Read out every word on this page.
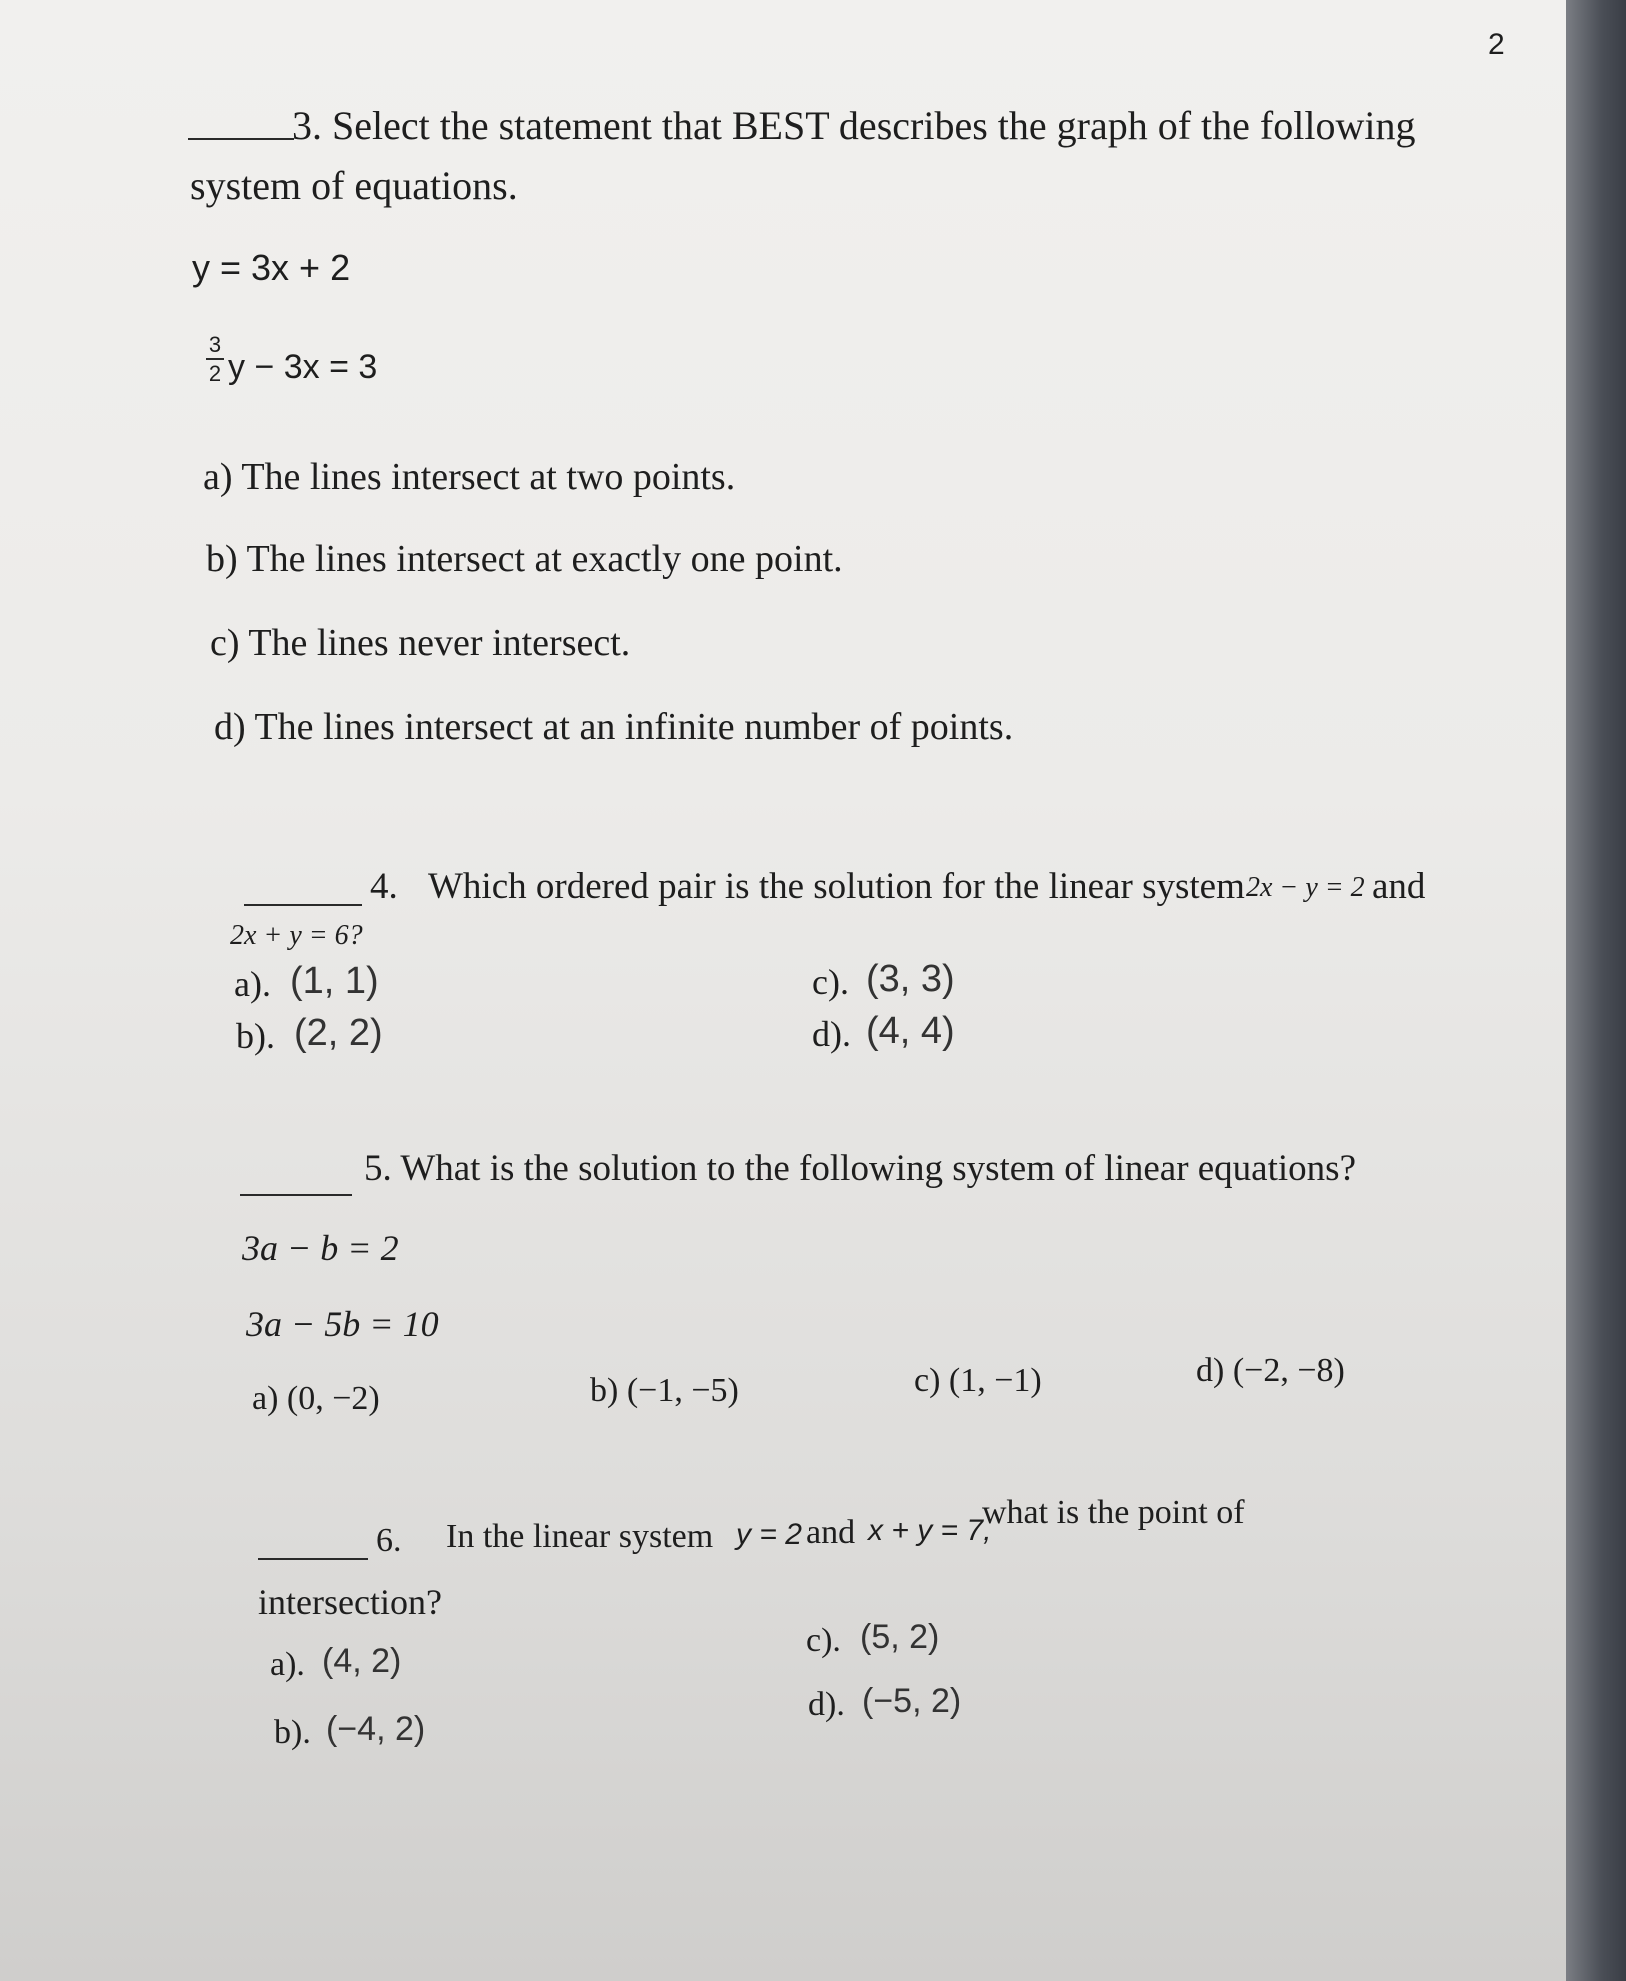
2
3. Select the statement that BEST describes the graph of the following
system of equations.
y = 3x + 2
3
2 y − 3x = 3
a) The lines intersect at two points.
b) The lines intersect at exactly one point.
c) The lines never intersect.
d) The lines intersect at an infinite number of points.
4. Which ordered pair is the solution for the linear system 2x − y = 2 and
2x + y = 6?
a). (1, 1)
b). (2, 2)
c). (3, 3)
d). (4, 4)
5. What is the solution to the following system of linear equations?
3a − b = 2
3a − 5b = 10
a) (0, −2)	b) (−1, −5)	c) (1, −1)	d) (−2, −8)
6. In the linear system y = 2 and x + y = 7,
what is the point of
intersection?
a). (4, 2)
b). (−4, 2)
c). (5, 2)
d). (−5, 2)
